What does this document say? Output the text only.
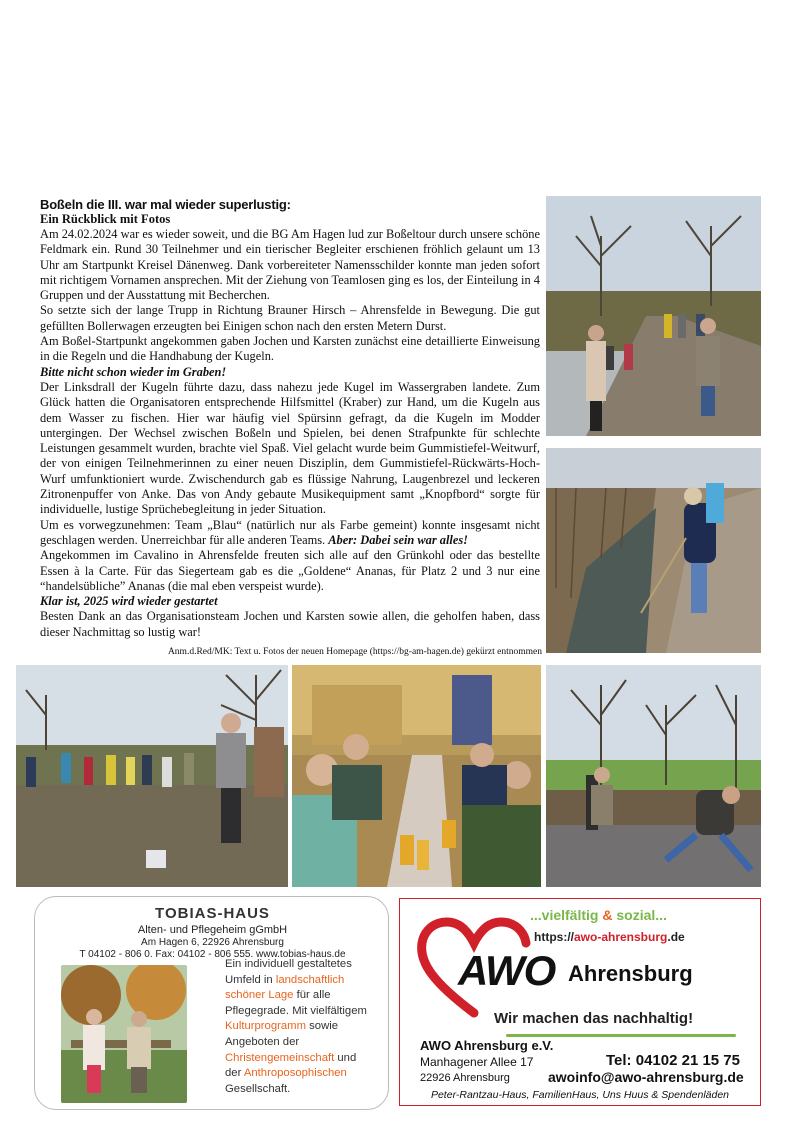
Boßeln die III. war mal wieder superlustig:
Ein Rückblick mit Fotos

Am 24.02.2024 war es wieder soweit, und die BG Am Hagen lud zur Boßeltour durch unsere schöne Feldmark ein. Rund 30 Teilnehmer und ein tierischer Begleiter erschienen fröhlich gelaunt um 13 Uhr am Startpunkt Kreisel Dänenweg. Dank vorbereiteter Namensschilder konnte man jeden sofort mit richtigem Vornamen ansprechen. Mit der Ziehung von Teamlosen ging es los, der Einteilung in 4 Gruppen und der Ausstattung mit Becherchen.

So setzte sich der lange Trupp in Richtung Brauner Hirsch – Ahrensfelde in Bewegung. Die gut gefüllten Bollerwagen erzeugten bei Einigen schon nach den ersten Metern Durst.

Am Boßel-Startpunkt angekommen gaben Jochen und Karsten zunächst eine detaillierte Einweisung in die Regeln und die Handhabung der Kugeln.

Bitte nicht schon wieder im Graben!

Der Linksdrall der Kugeln führte dazu, dass nahezu jede Kugel im Wassergraben landete. Zum Glück hatten die Organisatoren entsprechende Hilfsmittel (Kraber) zur Hand, um die Kugeln aus dem Wasser zu fischen. Hier war häufig viel Spürsinn gefragt, da die Kugeln im Modder untergingen. Der Wechsel zwischen Boßeln und Spielen, bei denen Strafpunkte für schlechte Leistungen gesammelt wurden, brachte viel Spaß. Viel gelacht wurde beim Gummistiefel-Weitwurf, der von einigen Teilnehmerinnen zu einer neuen Disziplin, dem Gummistiefel-Rückwärts-Hoch-Wurf umfunktioniert wurde. Zwischendurch gab es flüssige Nahrung, Laugenbrezel und leckeren Zitronenpuffer von Anke. Das von Andy gebaute Musikequipment samt „Knopfbord“ sorgte für individuelle, lustige Sprüchebegleitung in jeder Situation.

Um es vorwegzunehmen: Team „Blau“ (natürlich nur als Farbe gemeint) konnte insgesamt nicht geschlagen werden. Unerreichbar für alle anderen Teams. Aber: Dabei sein war alles!

Angekommen im Cavalino in Ahrensfelde freuten sich alle auf den Grünkohl oder das bestellte Essen à la Carte. Für das Siegerteam gab es die „Goldene“ Ananas, für Platz 2 und 3 nur eine “handelsübliche” Ananas (die mal eben verspeist wurde).

Klar ist, 2025 wird wieder gestartet

Besten Dank an das Organisationsteam Jochen und Karsten sowie allen, die geholfen haben, dass dieser Nachmittag so lustig war!

Anm.d.Red/MK: Text u. Fotos der neuen Homepage (https://bg-am-hagen.de) gekürzt entnommen
TOBIAS-HAUS
Alten- und Pflegeheim gGmbH
Am Hagen 6, 22926 Ahrensburg
T 04102 - 806 0. Fax: 04102 - 806 555. www.tobias-haus.de
Ein individuell gestaltetes Umfeld in landschaftlich schöner Lage für alle Pflegegrade. Mit vielfältigem Kulturprogramm sowie Angeboten der Christengemeinschaft und der Anthroposophischen Gesellschaft.
...vielfältig & sozial...
https://awo-ahrensburg.de
AWO Ahrensburg
Wir machen das nachhaltig!
AWO Ahrensburg e.V.
Manhagener Allee 17	Tel: 04102 21 15 75
22926 Ahrensburg	awoinfo@awo-ahrensburg.de
Peter-Rantzau-Haus, FamilienHaus, Uns Huus & Spendenläden
